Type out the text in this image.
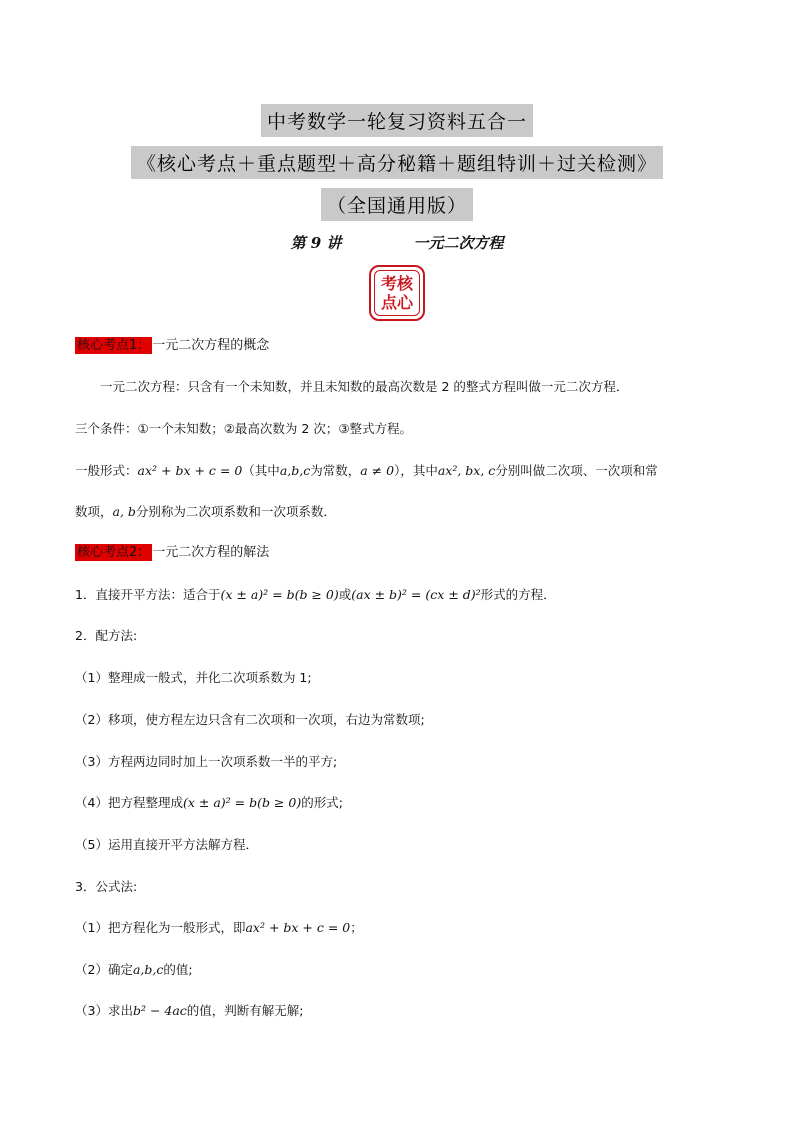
中考数学一轮复习资料五合一
《核心考点＋重点题型＋高分秘籍＋题组特训＋过关检测》
（全国通用版）
第 9 讲	一元二次方程
考核
点心
核心考点1： 一元二次方程的概念
一元二次方程：只含有一个未知数，并且未知数的最高次数是 2 的整式方程叫做一元二次方程．
三个条件：①一个未知数；②最高次数为 2 次；③整式方程。
一般形式：ax² + bx + c = 0（其中a,b,c为常数，a ≠ 0），其中ax², bx, c分别叫做二次项、一次项和常
数项，a, b分别称为二次项系数和一次项系数．
核心考点2： 一元二次方程的解法
1．直接开平方法：适合于(x ± a)² = b(b ≥ 0)或(ax ± b)² = (cx ± d)²形式的方程．
2．配方法:
（1）整理成一般式，并化二次项系数为 1;
（2）移项，使方程左边只含有二次项和一次项，右边为常数项;
（3）方程两边同时加上一次项系数一半的平方;
（4）把方程整理成(x ± a)² = b(b ≥ 0)的形式;
（5）运用直接开平方法解方程．
3．公式法:
（1）把方程化为一般形式，即ax² + bx + c = 0；
（2）确定a,b,c的值;
（3）求出b² − 4ac的值，判断有解无解;
